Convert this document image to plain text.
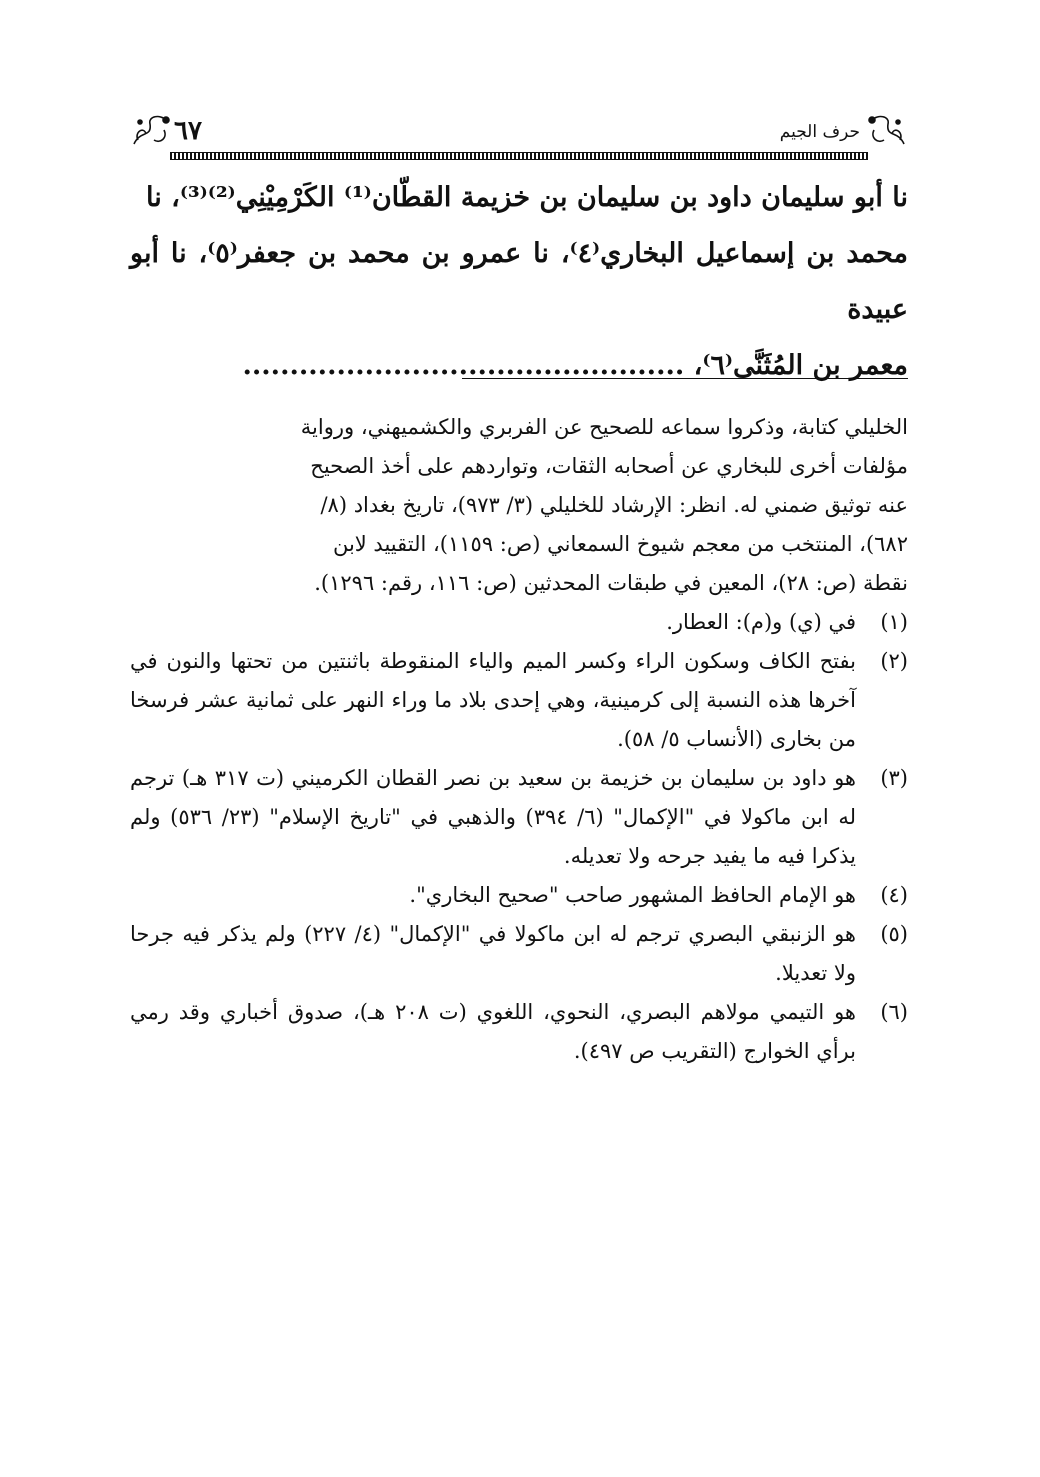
٦٧	حرف الجيم

نا أبو سليمان داود بن سليمان بن خزيمة القطّان⁽¹⁾ الكَرْمِيْنِي⁽²⁾⁽³⁾، نا

محمد بن إسماعيل البخاري⁽٤⁾، نا عمرو بن محمد بن جعفر⁽٥⁾، نا أبو عبيدة

معمر بن المُثَنَّى⁽٦⁾، ...............................................

الخليلي كتابة، وذكروا سماعه للصحيح عن الفربري والكشميهني، ورواية

مؤلفات أخرى للبخاري عن أصحابه الثقات، وتواردهم على أخذ الصحيح

عنه توثيق ضمني له. انظر: الإرشاد للخليلي (٣/ ٩٧٣)، تاريخ بغداد (٨/

٦٨٢)، المنتخب من معجم شيوخ السمعاني (ص: ١١٥٩)، التقييد لابن

نقطة (ص: ٢٨)، المعين في طبقات المحدثين (ص: ١١٦، رقم: ١٢٩٦).

(١)
في (ي) و(م): العطار.
(٢)
بفتح الكاف وسكون الراء وكسر الميم والياء المنقوطة باثنتين من تحتها والنون في آخرها هذه النسبة إلى كرمينية، وهي إحدى بلاد ما وراء النهر على ثمانية عشر فرسخا من بخارى (الأنساب ٥/ ٥٨).
(٣)
هو داود بن سليمان بن خزيمة بن سعيد بن نصر القطان الكرميني (ت ٣١٧ هـ) ترجم له ابن ماكولا في "الإكمال" (٦/ ٣٩٤) والذهبي في "تاريخ الإسلام" (٢٣/ ٥٣٦) ولم يذكرا فيه ما يفيد جرحه ولا تعديله.
(٤)
هو الإمام الحافظ المشهور صاحب "صحيح البخاري".
(٥)
هو الزنبقي البصري ترجم له ابن ماكولا في "الإكمال" (٤/ ٢٢٧) ولم يذكر فيه جرحا ولا تعديلا.
(٦)
هو التيمي مولاهم البصري، النحوي، اللغوي (ت ٢٠٨ هـ)، صدوق أخباري وقد رمي برأي الخوارج (التقريب ص ٤٩٧).
